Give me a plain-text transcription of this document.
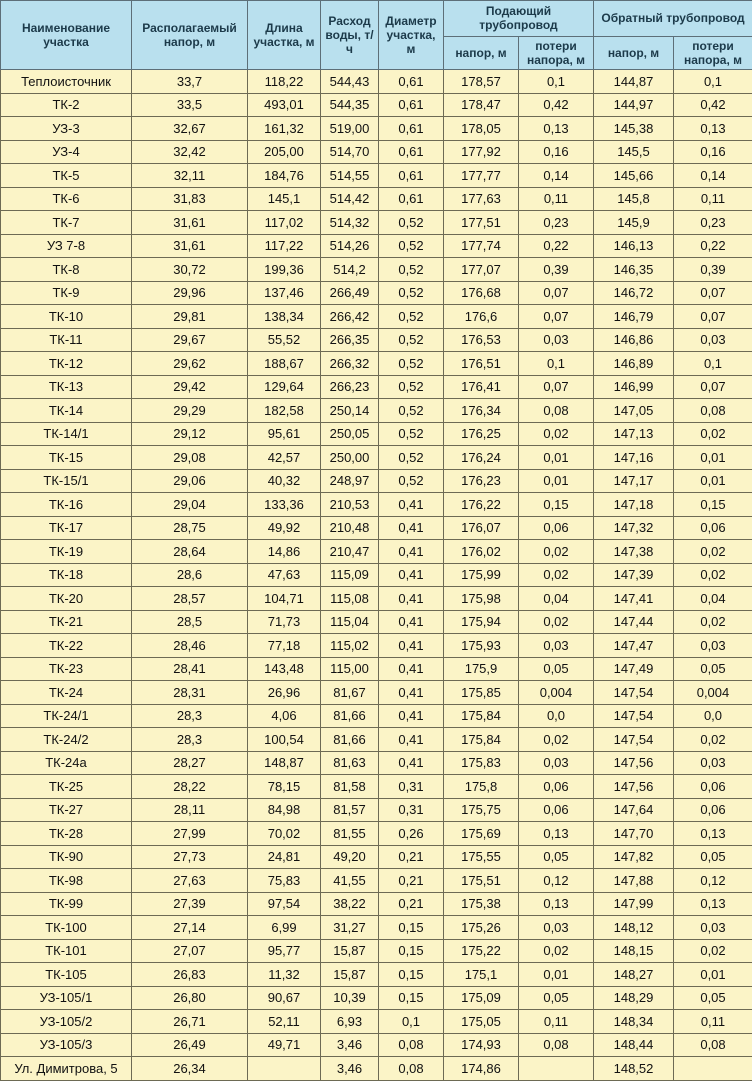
Наименование участка	Располагаемый напор, м	Длина участка, м	Расход воды, т/ч	Диаметр участка, м	Подающий трубопровод		Обратный трубопровод	
					напор, м	потери напора, м	напор, м	потери напора, м
Теплоисточник	33,7	118,22	544,43	0,61	178,57	0,1	144,87	0,1
ТК-2	33,5	493,01	544,35	0,61	178,47	0,42	144,97	0,42
УЗ-3	32,67	161,32	519,00	0,61	178,05	0,13	145,38	0,13
УЗ-4	32,42	205,00	514,70	0,61	177,92	0,16	145,5	0,16
ТК-5	32,11	184,76	514,55	0,61	177,77	0,14	145,66	0,14
ТК-6	31,83	145,1	514,42	0,61	177,63	0,11	145,8	0,11
ТК-7	31,61	117,02	514,32	0,52	177,51	0,23	145,9	0,23
УЗ 7-8	31,61	117,22	514,26	0,52	177,74	0,22	146,13	0,22
ТК-8	30,72	199,36	514,2	0,52	177,07	0,39	146,35	0,39
ТК-9	29,96	137,46	266,49	0,52	176,68	0,07	146,72	0,07
ТК-10	29,81	138,34	266,42	0,52	176,6	0,07	146,79	0,07
ТК-11	29,67	55,52	266,35	0,52	176,53	0,03	146,86	0,03
ТК-12	29,62	188,67	266,32	0,52	176,51	0,1	146,89	0,1
ТК-13	29,42	129,64	266,23	0,52	176,41	0,07	146,99	0,07
ТК-14	29,29	182,58	250,14	0,52	176,34	0,08	147,05	0,08
ТК-14/1	29,12	95,61	250,05	0,52	176,25	0,02	147,13	0,02
ТК-15	29,08	42,57	250,00	0,52	176,24	0,01	147,16	0,01
ТК-15/1	29,06	40,32	248,97	0,52	176,23	0,01	147,17	0,01
ТК-16	29,04	133,36	210,53	0,41	176,22	0,15	147,18	0,15
ТК-17	28,75	49,92	210,48	0,41	176,07	0,06	147,32	0,06
ТК-19	28,64	14,86	210,47	0,41	176,02	0,02	147,38	0,02
ТК-18	28,6	47,63	115,09	0,41	175,99	0,02	147,39	0,02
ТК-20	28,57	104,71	115,08	0,41	175,98	0,04	147,41	0,04
ТК-21	28,5	71,73	115,04	0,41	175,94	0,02	147,44	0,02
ТК-22	28,46	77,18	115,02	0,41	175,93	0,03	147,47	0,03
ТК-23	28,41	143,48	115,00	0,41	175,9	0,05	147,49	0,05
ТК-24	28,31	26,96	81,67	0,41	175,85	0,004	147,54	0,004
ТК-24/1	28,3	4,06	81,66	0,41	175,84	0,0	147,54	0,0
ТК-24/2	28,3	100,54	81,66	0,41	175,84	0,02	147,54	0,02
ТК-24а	28,27	148,87	81,63	0,41	175,83	0,03	147,56	0,03
ТК-25	28,22	78,15	81,58	0,31	175,8	0,06	147,56	0,06
ТК-27	28,11	84,98	81,57	0,31	175,75	0,06	147,64	0,06
ТК-28	27,99	70,02	81,55	0,26	175,69	0,13	147,70	0,13
ТК-90	27,73	24,81	49,20	0,21	175,55	0,05	147,82	0,05
ТК-98	27,63	75,83	41,55	0,21	175,51	0,12	147,88	0,12
ТК-99	27,39	97,54	38,22	0,21	175,38	0,13	147,99	0,13
ТК-100	27,14	6,99	31,27	0,15	175,26	0,03	148,12	0,03
ТК-101	27,07	95,77	15,87	0,15	175,22	0,02	148,15	0,02
ТК-105	26,83	11,32	15,87	0,15	175,1	0,01	148,27	0,01
УЗ-105/1	26,80	90,67	10,39	0,15	175,09	0,05	148,29	0,05
УЗ-105/2	26,71	52,11	6,93	0,1	175,05	0,11	148,34	0,11
УЗ-105/3	26,49	49,71	3,46	0,08	174,93	0,08	148,44	0,08
Ул. Димитрова, 5	26,34		3,46	0,08	174,86		148,52	
